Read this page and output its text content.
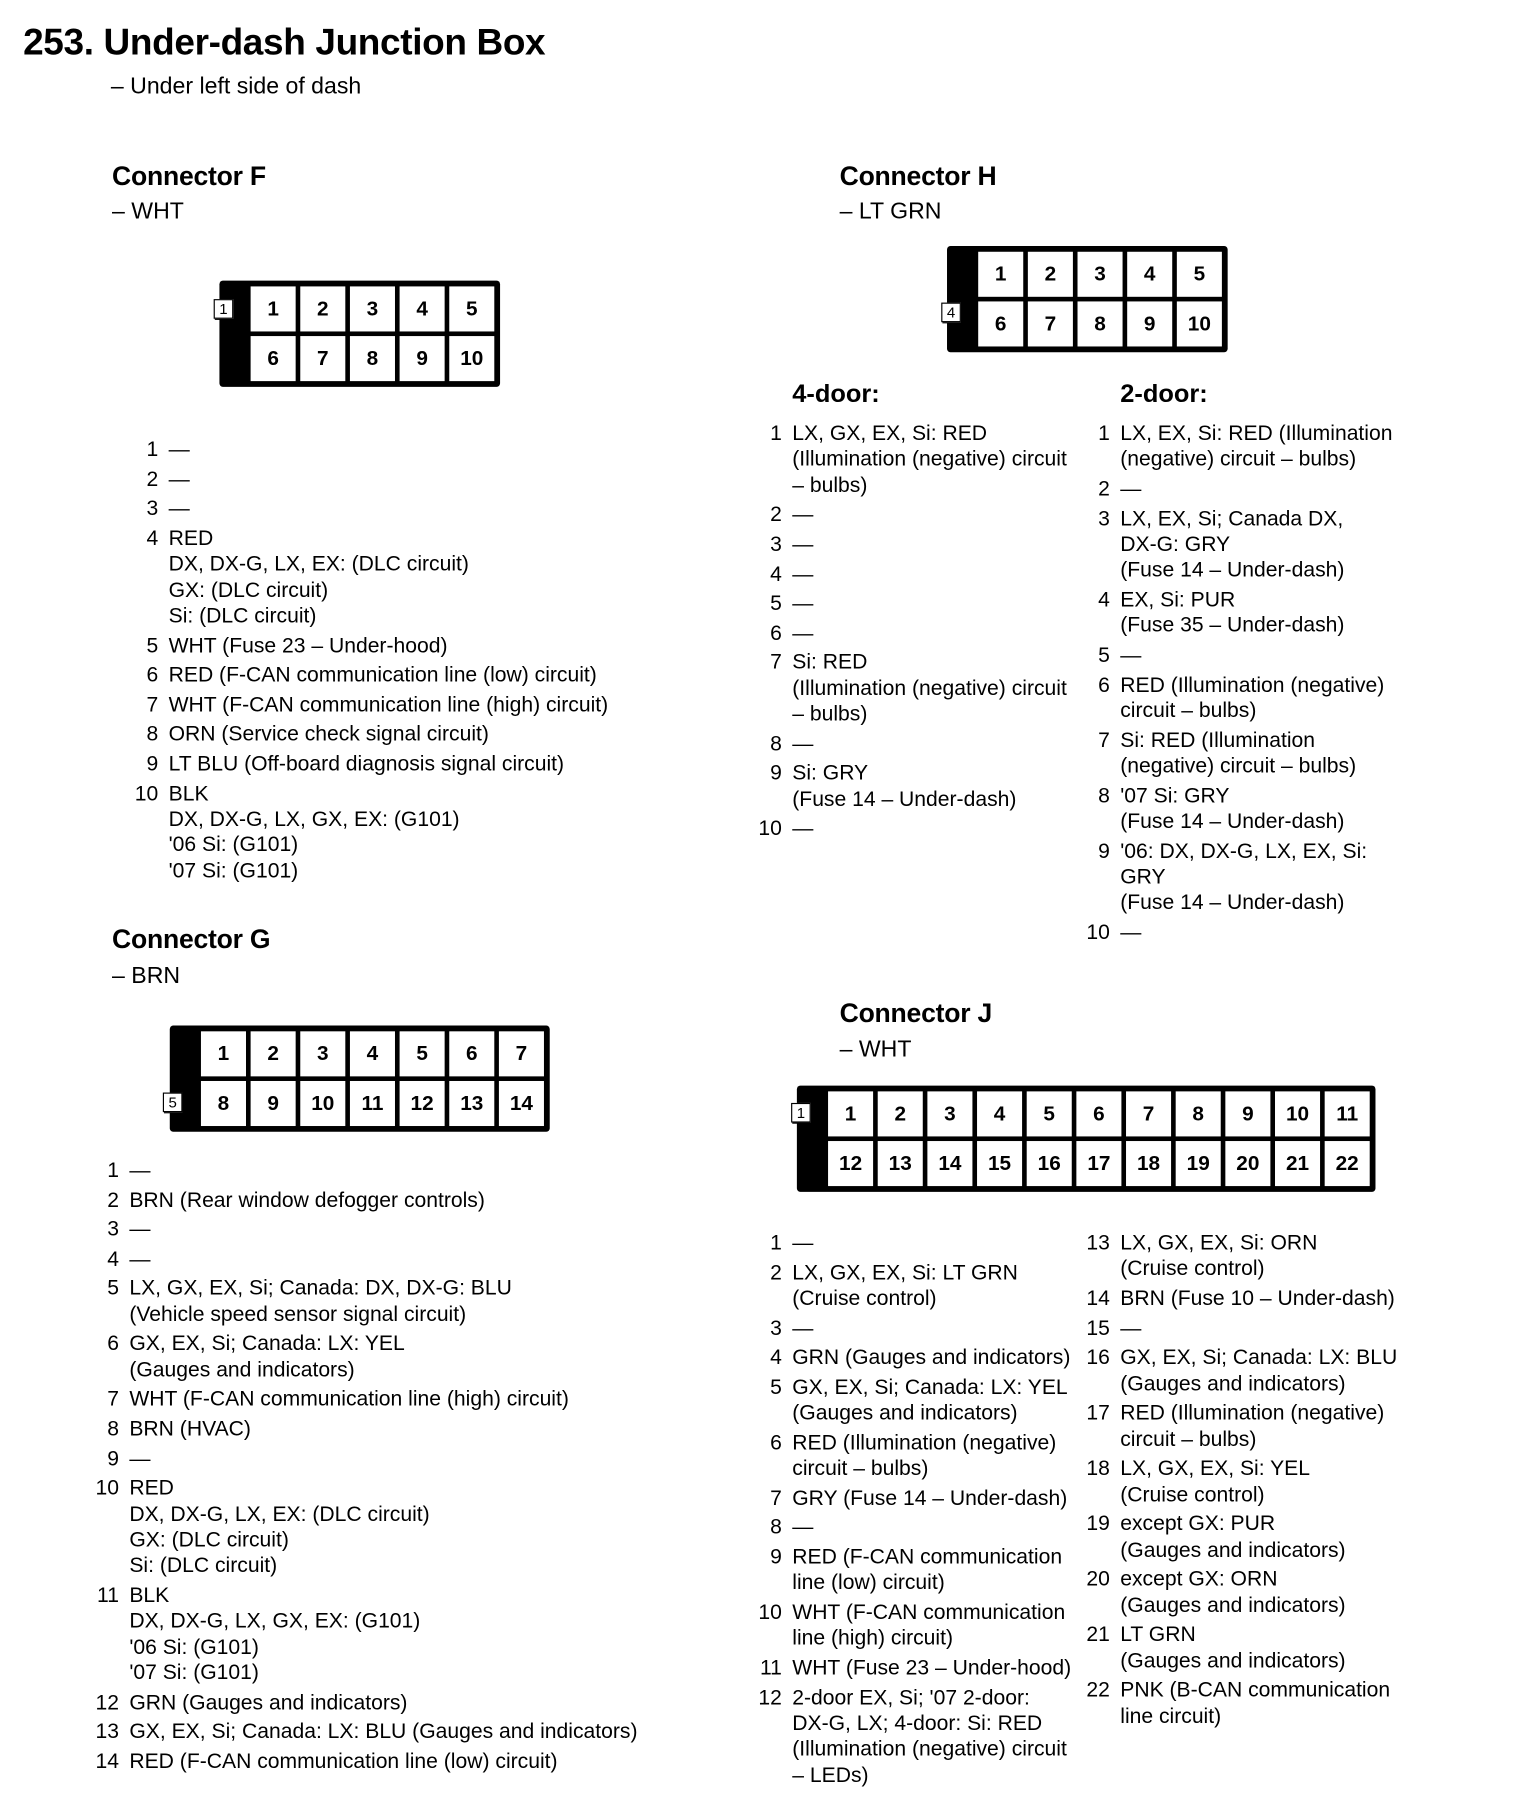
253. Under-dash Junction Box
– Under left side of dash
Connector F
– WHT
1	2	3	4	5
6	7	8	9	10
1
1 —
2 —
3 —
4 RED
DX, DX-G, LX, EX: (DLC circuit)
GX: (DLC circuit)
Si: (DLC circuit)
5 WHT (Fuse 23 – Under-hood)
6 RED (F-CAN communication line (low) circuit)
7 WHT (F-CAN communication line (high) circuit)
8 ORN (Service check signal circuit)
9 LT BLU (Off-board diagnosis signal circuit)
10 BLK
DX, DX-G, LX, GX, EX: (G101)
'06 Si: (G101)
'07 Si: (G101)
Connector G
– BRN
1	2	3	4	5	6	7
8	9	10	11	12	13	14
5
1 —
2 BRN (Rear window defogger controls)
3 —
4 —
5 LX, GX, EX, Si; Canada: DX, DX-G: BLU
(Vehicle speed sensor signal circuit)
6 GX, EX, Si; Canada: LX: YEL
(Gauges and indicators)
7 WHT (F-CAN communication line (high) circuit)
8 BRN (HVAC)
9 —
10 RED
DX, DX-G, LX, EX: (DLC circuit)
GX: (DLC circuit)
Si: (DLC circuit)
11 BLK
DX, DX-G, LX, GX, EX: (G101)
'06 Si: (G101)
'07 Si: (G101)
12 GRN (Gauges and indicators)
13 GX, EX, Si; Canada: LX: BLU (Gauges and indicators)
14 RED (F-CAN communication line (low) circuit)
Connector H
– LT GRN
1	2	3	4	5
6	7	8	9	10
4
4-door:	2-door:
1 LX, GX, EX, Si: RED
(Illumination (negative) circuit
– bulbs)
2 —
3 —
4 —
5 —
6 —
7 Si: RED
(Illumination (negative) circuit
– bulbs)
8 —
9 Si: GRY
(Fuse 14 – Under-dash)
10 —
1 LX, EX, Si: RED (Illumination
(negative) circuit – bulbs)
2 —
3 LX, EX, Si; Canada DX,
DX-G: GRY
(Fuse 14 – Under-dash)
4 EX, Si: PUR
(Fuse 35 – Under-dash)
5 —
6 RED (Illumination (negative)
circuit – bulbs)
7 Si: RED (Illumination
(negative) circuit – bulbs)
8 '07 Si: GRY
(Fuse 14 – Under-dash)
9 '06: DX, DX-G, LX, EX, Si:
GRY
(Fuse 14 – Under-dash)
10 —
Connector J
– WHT
1	2	3	4	5	6	7	8	9	10	11
12	13	14	15	16	17	18	19	20	21	22
1
1 —
2 LX, GX, EX, Si: LT GRN
(Cruise control)
3 —
4 GRN (Gauges and indicators)
5 GX, EX, Si; Canada: LX: YEL
(Gauges and indicators)
6 RED (Illumination (negative)
circuit – bulbs)
7 GRY (Fuse 14 – Under-dash)
8 —
9 RED (F-CAN communication
line (low) circuit)
10 WHT (F-CAN communication
line (high) circuit)
11 WHT (Fuse 23 – Under-hood)
12 2-door EX, Si; '07 2-door:
DX-G, LX; 4-door: Si: RED
(Illumination (negative) circuit
– LEDs)
13 LX, GX, EX, Si: ORN
(Cruise control)
14 BRN (Fuse 10 – Under-dash)
15 —
16 GX, EX, Si; Canada: LX: BLU
(Gauges and indicators)
17 RED (Illumination (negative)
circuit – bulbs)
18 LX, GX, EX, Si: YEL
(Cruise control)
19 except GX: PUR
(Gauges and indicators)
20 except GX: ORN
(Gauges and indicators)
21 LT GRN
(Gauges and indicators)
22 PNK (B-CAN communication
line circuit)
